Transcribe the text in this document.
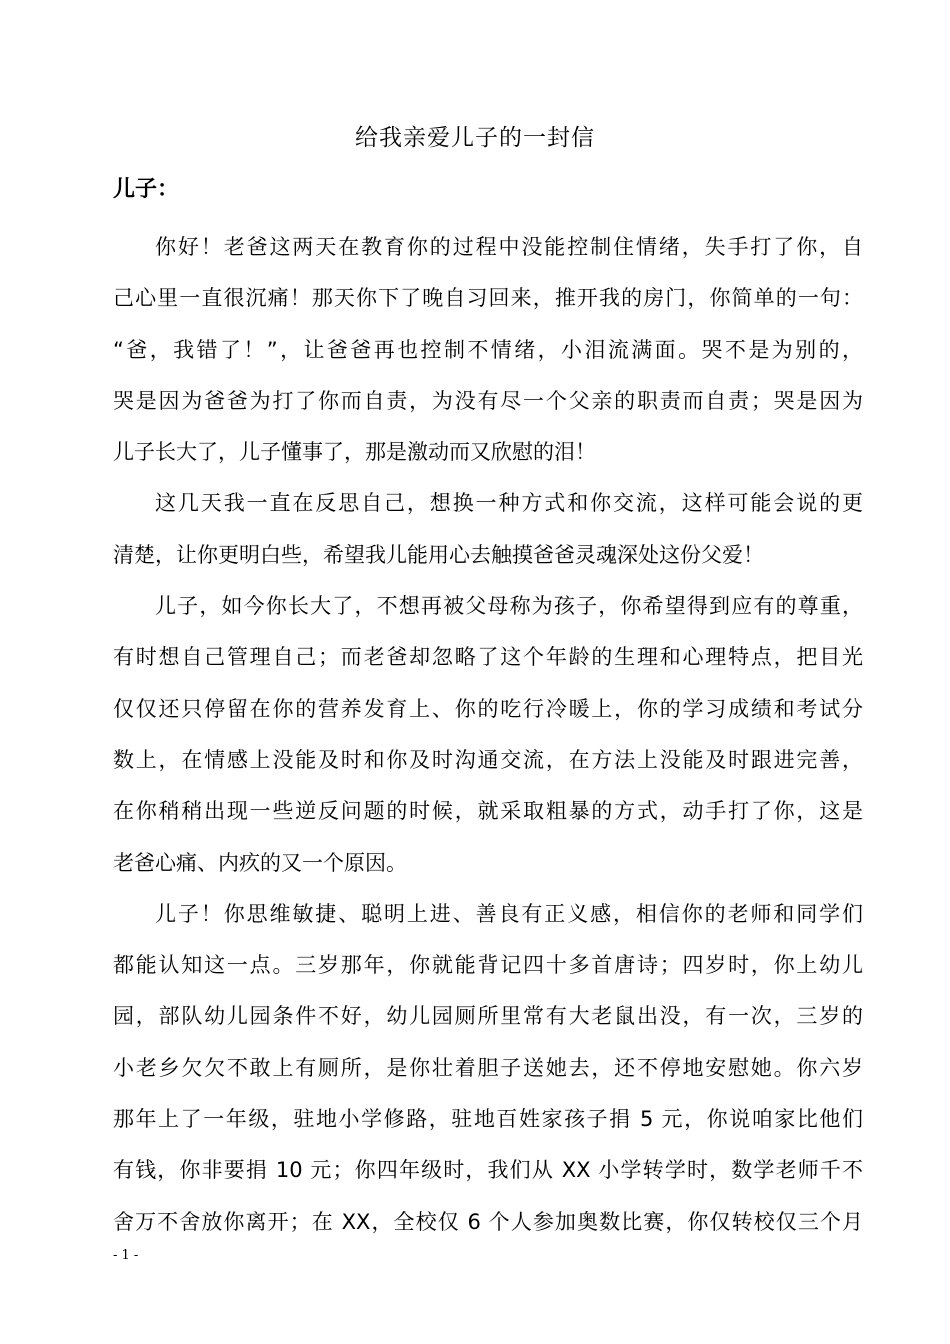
给我亲爱儿子的一封信
儿子：
你好！老爸这两天在教育你的过程中没能控制住情绪，失手打了你，自
己心里一直很沉痛！那天你下了晚自习回来，推开我的房门，你简单的一句：
“爸，我错了！”，让爸爸再也控制不情绪，小泪流满面。哭不是为别的，
哭是因为爸爸为打了你而自责，为没有尽一个父亲的职责而自责；哭是因为
儿子长大了，儿子懂事了，那是激动而又欣慰的泪！
这几天我一直在反思自己，想换一种方式和你交流，这样可能会说的更
清楚，让你更明白些，希望我儿能用心去触摸爸爸灵魂深处这份父爱！
儿子，如今你长大了，不想再被父母称为孩子，你希望得到应有的尊重，
有时想自己管理自己；而老爸却忽略了这个年龄的生理和心理特点，把目光
仅仅还只停留在你的营养发育上、你的吃行冷暖上，你的学习成绩和考试分
数上，在情感上没能及时和你及时沟通交流，在方法上没能及时跟进完善，
在你稍稍出现一些逆反问题的时候，就采取粗暴的方式，动手打了你，这是
老爸心痛、内疚的又一个原因。
儿子！你思维敏捷、聪明上进、善良有正义感，相信你的老师和同学们
都能认知这一点。三岁那年，你就能背记四十多首唐诗；四岁时，你上幼儿
园，部队幼儿园条件不好，幼儿园厕所里常有大老鼠出没，有一次，三岁的
小老乡欠欠不敢上有厕所，是你壮着胆子送她去，还不停地安慰她。你六岁
那年上了一年级，驻地小学修路，驻地百姓家孩子捐 5 元，你说咱家比他们
有钱，你非要捐 10 元；你四年级时，我们从 XX 小学转学时，数学老师千不
舍万不舍放你离开；在 XX，全校仅 6 个人参加奥数比赛，你仅转校仅三个月
- 1 -
